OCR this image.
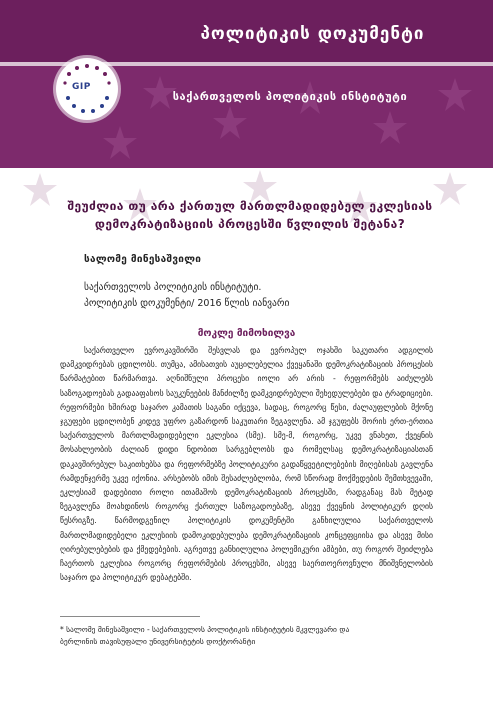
პოლიტიკის დოკუმენტი
საქართველოს პოლიტიკის ინსტიტუტი
GIP
შეუძლია თუ არა ქართულ მართლმადიდებელ ეკლესიას დემოკრატიზაციის პროცესში წვლილის შეტანა?
სალომე მინესაშვილი
საქართველოს პოლიტიკის ინსტიტუტი.
პოლიტიკის დოკუმენტი/ 2016 წლის იანვარი
მოკლე მიმოხილვა
საქართველო ევროკავშირში შესვლას და ევროპულ ოჯახში საკუთარი ადგილის დამკვიდრებას ცდილობს. თუმცა, ამისათვის აუცილებელია ქვეყანაში დემოკრატიზაციის პროცესის წარმატებით წარმართვა. აღნიშნული პროცესი იოლი არ არის - რეფორმებს აიძულებს საზოგადოებას გადააფასოს საუკუნეების მანძილზე დამკვიდრებული შეხედულებები და ტრადიციები. რეფორმები ხშირად საჯარო კამათის საგანი იქცევა, სადაც, როგორც წესი, ძალაუფლების მქონე ჯგუფები ცდილობენ კიდევ უფრო გაზარდონ საკუთარი ზეგავლენა. ამ ჯგუფებს შორის ერთ-ერთია საქართველოს მართლმადიდებელი ეკლესია (სმე). სმე-მ, როგორც, უკვე ვნახეთ, ქვეყნის მოსახლეობის ძალიან დიდი ნდობით სარგებლობს და რომელსაც დემოკრატიზაციასთან დაკავშირებულ საკითხებსა და რეფორმებზე პოლიტიკური გადაწყვეტილებების მიღებისას გავლენა რამდენჯერმე უკვე იქონია. არსებობს იმის შესაძლებლობა, რომ სწორად მოქმედების შემთხვევაში, ეკლესიამ დადებითი როლი ითამაშოს დემოკრატიზაციის პროცესში, რადგანაც მას მეტად ზეგავლენა მოახდინოს როგორც ქართულ საზოგადოებაზე, ასევე ქვეყნის პოლიტიკურ დღის წესრიგზე. წარმოდგენილ პოლიტიკის დოკუმენტში განხილულია საქართველოს მართლმადიდებელი ეკლესიის დამოკიდებულება დემოკრატიზაციის კონცეფციისა და ასევე მისი ღირებულებების და ქმედებების. აგრეთვე განხილულია პოლემიკური ამბები, თუ როგორ შეიძლება ჩაერთოს ეკლესია როგორც რეფორმების პროცესში, ასევე საერთოეროვნული მნიშვნელობის საჯარო და პოლიტიკურ დებატებში.
* სალომე მინესაშვილი - საქართველოს პოლიტიკის ინსტიტუტის მკვლევარი და ბერლინის თავისუფალი უნივერსიტეტის დოქტორანტი
